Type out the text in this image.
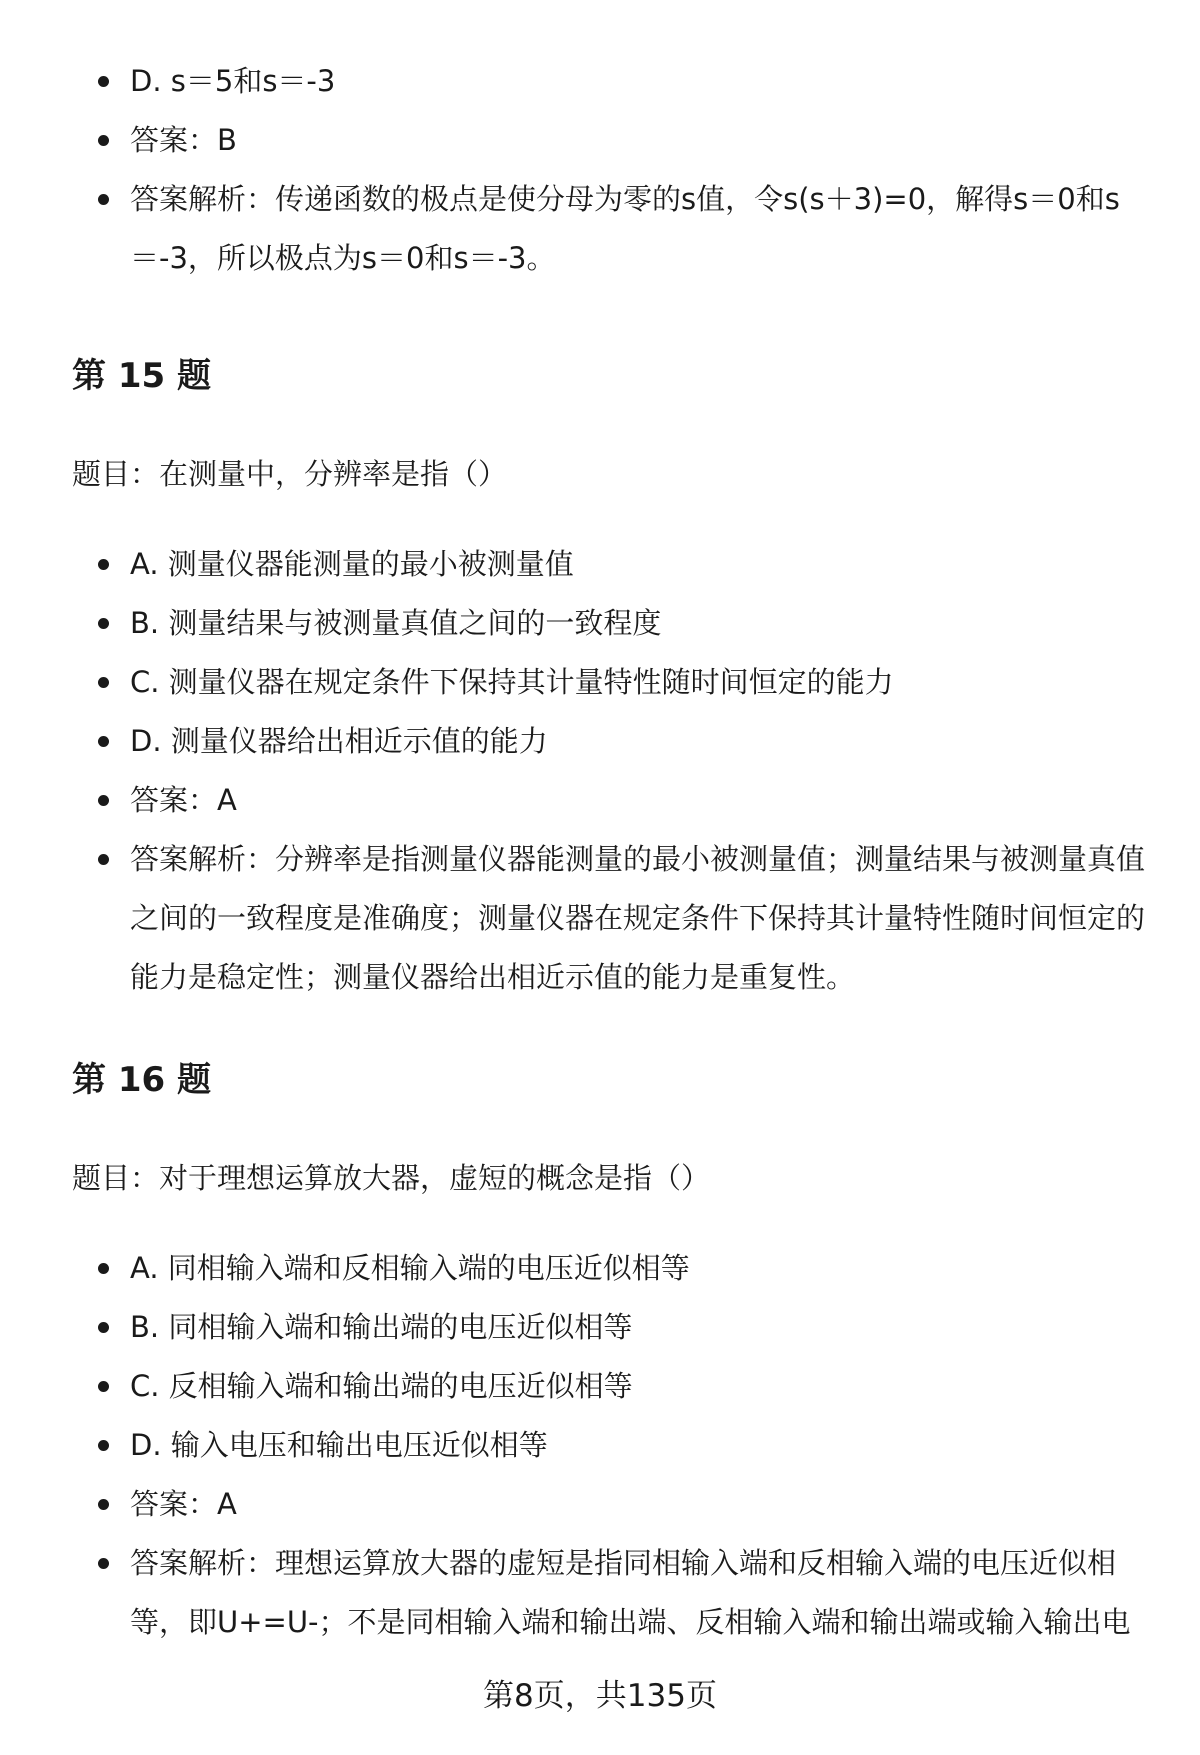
D. s＝5和s＝-3
答案：B
答案解析：传递函数的极点是使分母为零的s值，令s(s＋3)=0，解得s＝0和s＝-3，所以极点为s＝0和s＝-3。
第 15 题

题目：在测量中，分辨率是指（）

A. 测量仪器能测量的最小被测量值
B. 测量结果与被测量真值之间的一致程度
C. 测量仪器在规定条件下保持其计量特性随时间恒定的能力
D. 测量仪器给出相近示值的能力
答案：A
答案解析：分辨率是指测量仪器能测量的最小被测量值；测量结果与被测量真值之间的一致程度是准确度；测量仪器在规定条件下保持其计量特性随时间恒定的能力是稳定性；测量仪器给出相近示值的能力是重复性。
第 16 题

题目：对于理想运算放大器，虚短的概念是指（）

A. 同相输入端和反相输入端的电压近似相等
B. 同相输入端和输出端的电压近似相等
C. 反相输入端和输出端的电压近似相等
D. 输入电压和输出电压近似相等
答案：A
答案解析：理想运算放大器的虚短是指同相输入端和反相输入端的电压近似相等，即U+=U-；不是同相输入端和输出端、反相输入端和输出端或输入输出电
第8页，共135页
